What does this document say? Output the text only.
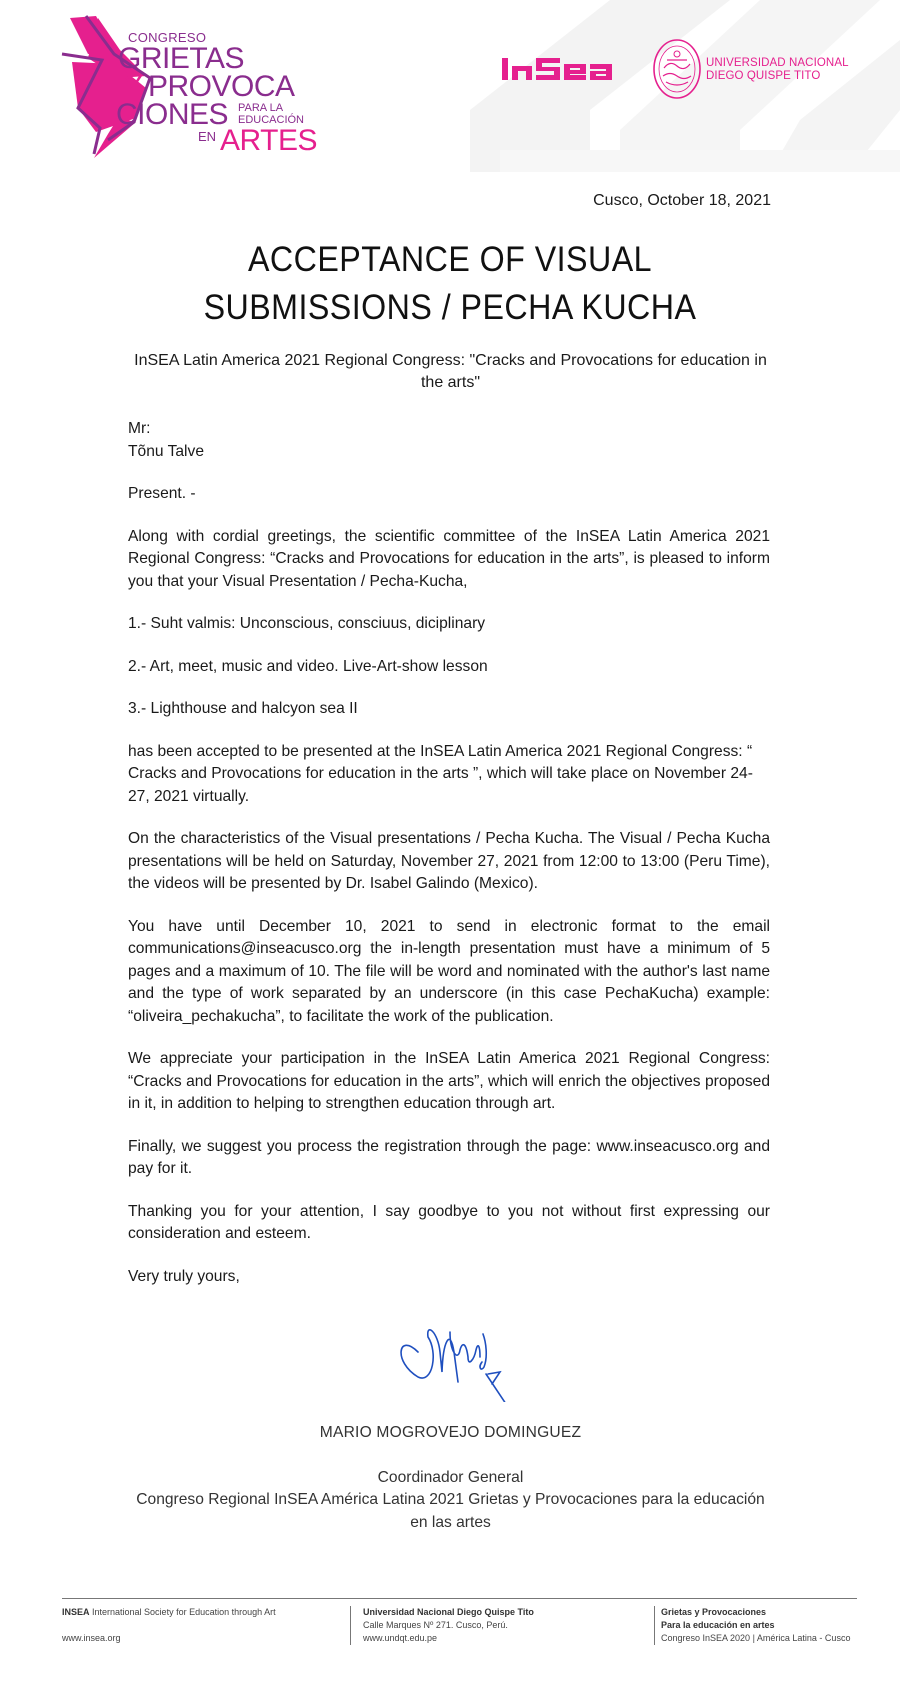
CONGRESO
GRIETAS
Y PROVOCA
CIONES PARA LA
EDUCACIÓN
EN ARTES
UNIVERSIDAD NACIONAL
DIEGO QUISPE TITO
Cusco, October 18, 2021
ACCEPTANCE OF VISUAL
SUBMISSIONS / PECHA KUCHA
InSEA Latin America 2021 Regional Congress: "Cracks and Provocations for education in the arts"

Mr:
Tõnu Talve

Present. -

Along with cordial greetings, the scientific committee of the InSEA Latin America 2021 Regional Congress: “Cracks and Provocations for education in the arts”, is pleased to inform you that your Visual Presentation / Pecha-Kucha,

1.- Suht valmis: Unconscious, consciuus, diciplinary

2.- Art, meet, music and video. Live-Art-show lesson

3.- Lighthouse and halcyon sea II

has been accepted to be presented at the InSEA Latin America 2021 Regional Congress: “ Cracks and Provocations for education in the arts ”, which will take place on November 24-27, 2021 virtually.

On the characteristics of the Visual presentations / Pecha Kucha. The Visual / Pecha Kucha presentations will be held on Saturday, November 27, 2021 from 12:00 to 13:00 (Peru Time), the videos will be presented by Dr. Isabel Galindo (Mexico).

You have until December 10, 2021 to send in electronic format to the email communications@inseacusco.org the in-length presentation must have a minimum of 5 pages and a maximum of 10. The file will be word and nominated with the author's last name and the type of work separated by an underscore (in this case PechaKucha) example: “oliveira_pechakucha”, to facilitate the work of the publication.

We appreciate your participation in the InSEA Latin America 2021 Regional Congress: “Cracks and Provocations for education in the arts”, which will enrich the objectives proposed in it, in addition to helping to strengthen education through art.

Finally, we suggest you process the registration through the page: www.inseacusco.org and pay for it.

Thanking you for your attention, I say goodbye to you not without first expressing our consideration and esteem.

Very truly yours,

MARIO MOGROVEJO DOMINGUEZ
Coordinador General
Congreso Regional InSEA América Latina 2021 Grietas y Provocaciones para la educación en las artes
INSEA International Society for Education through Art
www.insea.org
Universidad Nacional Diego Quispe Tito
Calle Marques Nº 271. Cusco, Perú.
www.undqt.edu.pe
Grietas y Provocaciones
Para la educación en artes
Congreso InSEA 2020 | América Latina - Cusco
